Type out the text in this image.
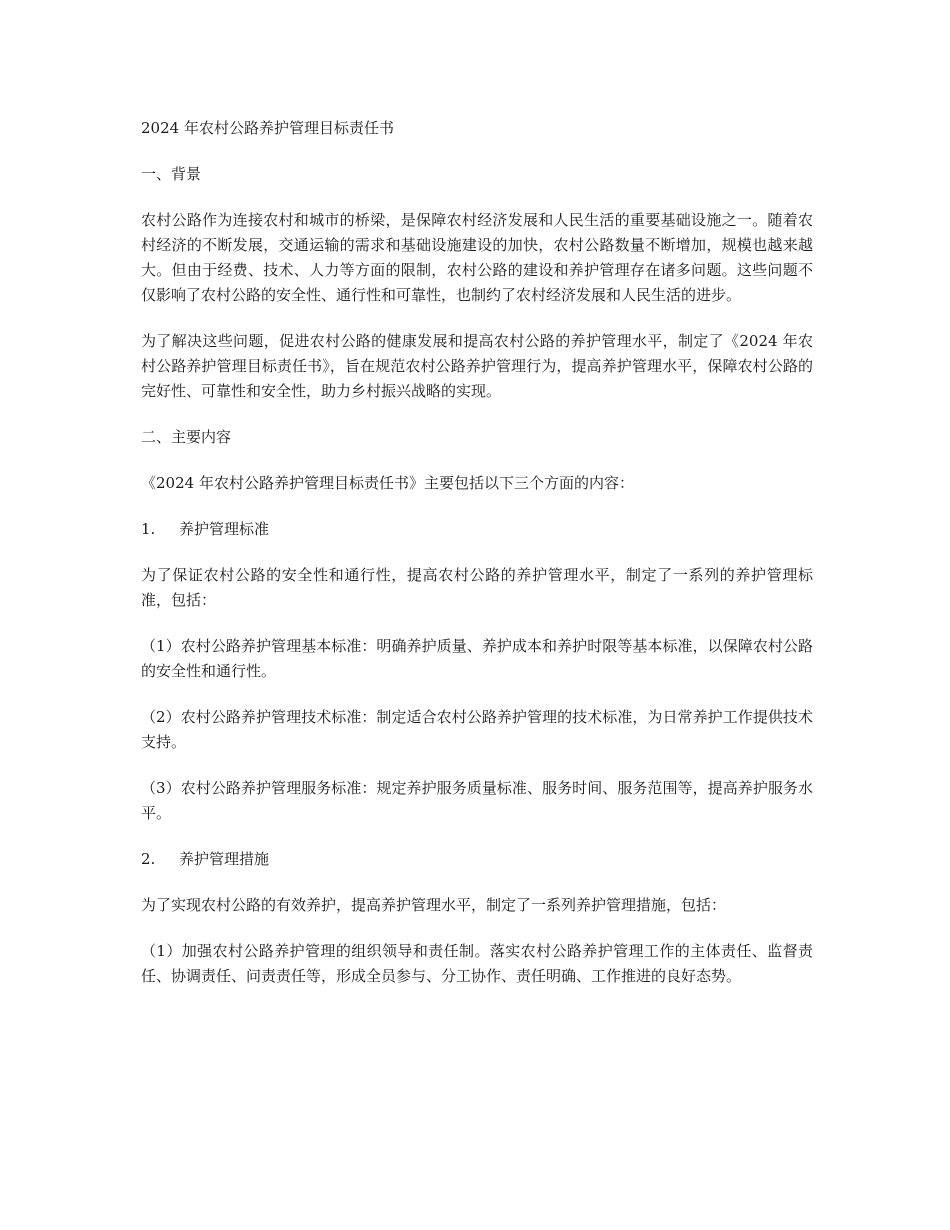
2024 年农村公路养护管理目标责任书

一、背景

农村公路作为连接农村和城市的桥梁，是保障农村经济发展和人民生活的重要基础设施之一。随着农村经济的不断发展，交通运输的需求和基础设施建设的加快，农村公路数量不断增加，规模也越来越大。但由于经费、技术、人力等方面的限制，农村公路的建设和养护管理存在诸多问题。这些问题不仅影响了农村公路的安全性、通行性和可靠性，也制约了农村经济发展和人民生活的进步。

为了解决这些问题，促进农村公路的健康发展和提高农村公路的养护管理水平，制定了《2024 年农村公路养护管理目标责任书》，旨在规范农村公路养护管理行为，提高养护管理水平，保障农村公路的完好性、可靠性和安全性，助力乡村振兴战略的实现。

二、主要内容

《2024 年农村公路养护管理目标责任书》主要包括以下三个方面的内容：

1. 养护管理标准

为了保证农村公路的安全性和通行性，提高农村公路的养护管理水平，制定了一系列的养护管理标准，包括：

（1）农村公路养护管理基本标准：明确养护质量、养护成本和养护时限等基本标准，以保障农村公路的安全性和通行性。

（2）农村公路养护管理技术标准：制定适合农村公路养护管理的技术标准，为日常养护工作提供技术支持。

（3）农村公路养护管理服务标准：规定养护服务质量标准、服务时间、服务范围等，提高养护服务水平。

2. 养护管理措施

为了实现农村公路的有效养护，提高养护管理水平，制定了一系列养护管理措施，包括：

（1）加强农村公路养护管理的组织领导和责任制。落实农村公路养护管理工作的主体责任、监督责任、协调责任、问责责任等，形成全员参与、分工协作、责任明确、工作推进的良好态势。
